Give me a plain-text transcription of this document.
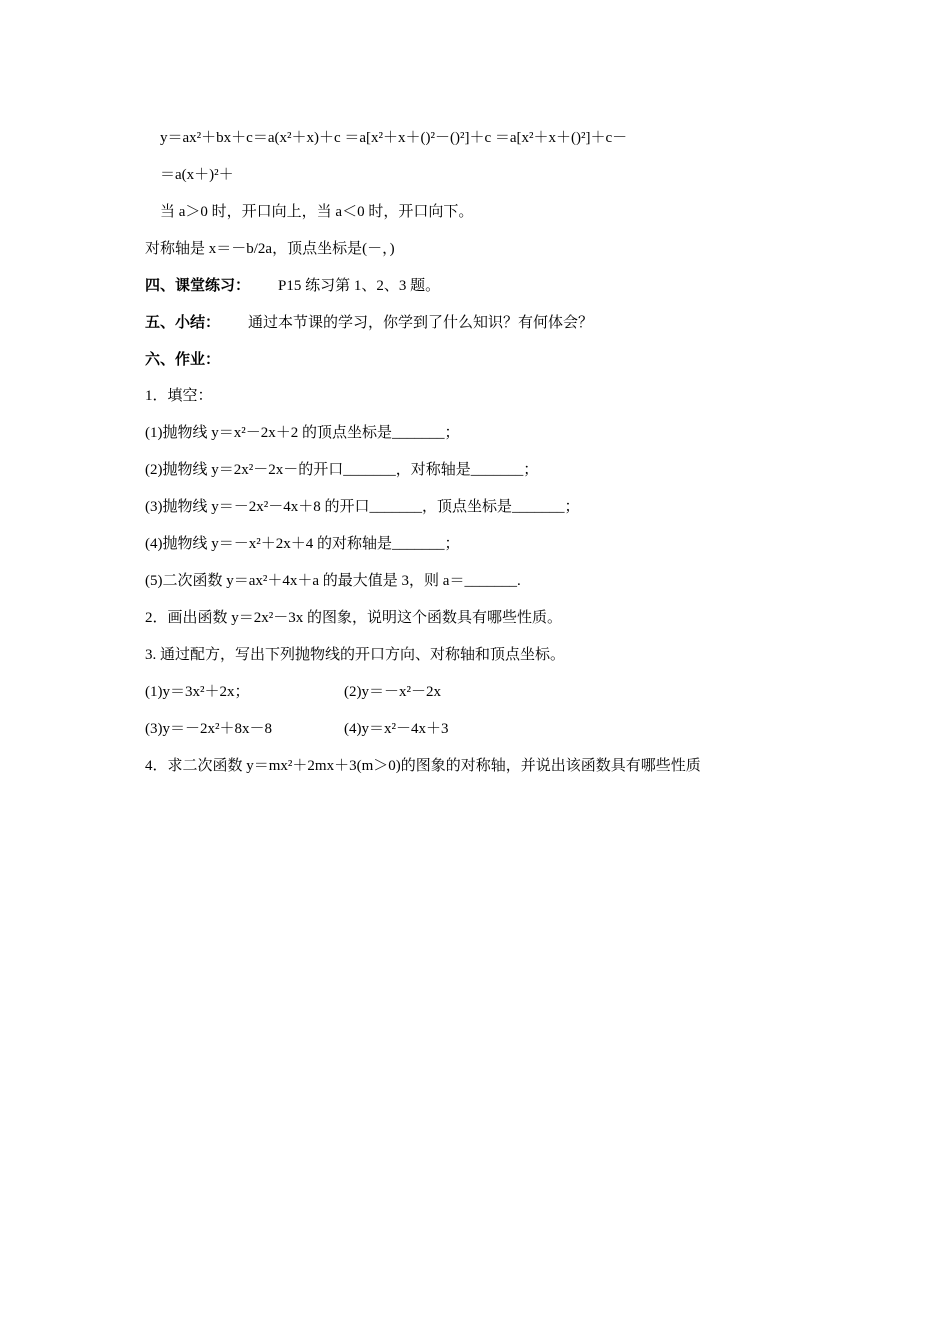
y＝ax²＋bx＋c＝a(x²＋x)＋c ＝a[x²＋x＋()²－()²]＋c ＝a[x²＋x＋()²]＋c－
＝a(x＋)²＋
当 a＞0 时，开口向上，当 a＜0 时，开口向下。
对称轴是 x＝－b/2a，顶点坐标是(－，)
四、课堂练习： P15 练习第 1、2、3 题。
五、小结： 通过本节课的学习，你学到了什么知识？有何体会？
六、作业：
1．填空：
(1)抛物线 y＝x²－2x＋2 的顶点坐标是_______；
(2)抛物线 y＝2x²－2x－的开口_______，对称轴是_______；
(3)抛物线 y＝－2x²－4x＋8 的开口_______，顶点坐标是_______；
(4)抛物线 y＝－x²＋2x＋4 的对称轴是_______；
(5)二次函数 y＝ax²＋4x＋a 的最大值是 3，则 a＝_______.
2．画出函数 y＝2x²－3x 的图象，说明这个函数具有哪些性质。
3. 通过配方，写出下列抛物线的开口方向、对称轴和顶点坐标。
(1)y＝3x²＋2x；	(2)y＝－x²－2x
(3)y＝－2x²＋8x－8	(4)y＝x²－4x＋3
4．求二次函数 y＝mx²＋2mx＋3(m＞0)的图象的对称轴，并说出该函数具有哪些性质
